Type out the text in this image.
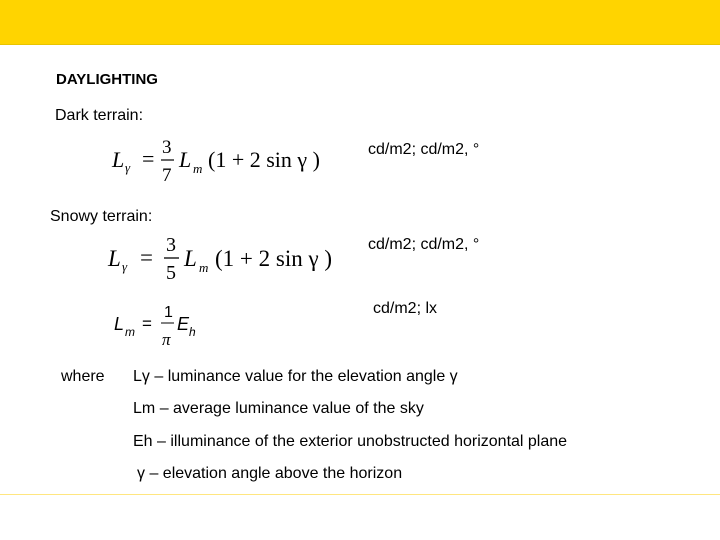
DAYLIGHTING
Dark terrain:
L γ = 3
7
L m (1 + 2 sin γ )	cd/m2; cd/m2, °
Snowy terrain:
L γ = 3
5
L m (1 + 2 sin γ )
cd/m2; cd/m2, °
L m =
1
π
E h
cd/m2; lx
where Lγ – luminance value for the elevation angle γ
Lm – average luminance value of the sky
Eh – illuminance of the exterior unobstructed horizontal plane
γ – elevation angle above the horizon
